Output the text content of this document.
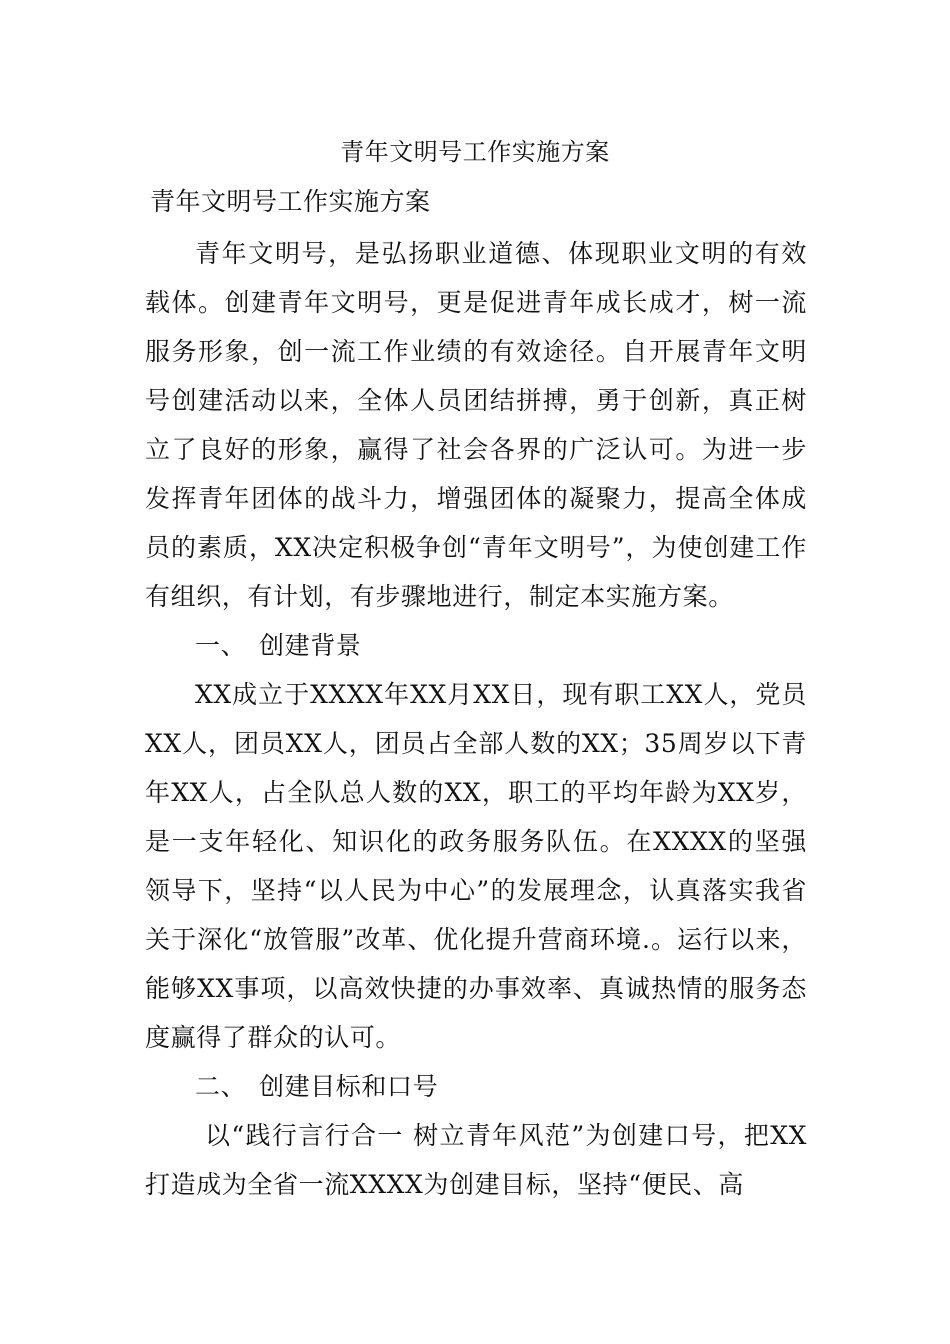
青年文明号工作实施方案
青年文明号工作实施方案

青年文明号，是弘扬职业道德、体现职业文明的有效载体。创建青年文明号，更是促进青年成长成才，树一流服务形象，创一流工作业绩的有效途径。自开展青年文明号创建活动以来，全体人员团结拼搏，勇于创新，真正树立了良好的形象，赢得了社会各界的广泛认可。为进一步发挥青年团体的战斗力，增强团体的凝聚力，提高全体成员的素质，XX决定积极争创“青年文明号”，为使创建工作有组织，有计划，有步骤地进行，制定本实施方案。

一、 创建背景

XX成立于XXXX年XX月XX日，现有职工XX人，党员XX人，团员XX人，团员占全部人数的XX；35周岁以下青年XX人，占全队总人数的XX，职工的平均年龄为XX岁，是一支年轻化、知识化的政务服务队伍。在XXXX的坚强领导下，坚持“以人民为中心”的发展理念，认真落实我省关于深化“放管服”改革、优化提升营商环境.。运行以来，能够XX事项，以高效快捷的办事效率、真诚热情的服务态度赢得了群众的认可。

二、 创建目标和口号

以“践行言行合一 树立青年风范”为创建口号，把XX打造成为全省一流XXXX为创建目标，坚持“便民、高
